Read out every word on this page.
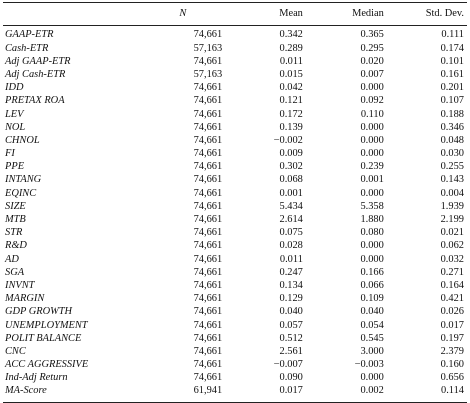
	N	Mean	Median	Std. Dev.
GAAP-ETR	74,661	0.342	0.365	0.111
Cash-ETR	57,163	0.289	0.295	0.174
Adj GAAP-ETR	74,661	0.011	0.020	0.101
Adj Cash-ETR	57,163	0.015	0.007	0.161
IDD	74,661	0.042	0.000	0.201
PRETAX ROA	74,661	0.121	0.092	0.107
LEV	74,661	0.172	0.110	0.188
NOL	74,661	0.139	0.000	0.346
CHNOL	74,661	−0.002	0.000	0.048
FI	74,661	0.009	0.000	0.030
PPE	74,661	0.302	0.239	0.255
INTANG	74,661	0.068	0.001	0.143
EQINC	74,661	0.001	0.000	0.004
SIZE	74,661	5.434	5.358	1.939
MTB	74,661	2.614	1.880	2.199
STR	74,661	0.075	0.080	0.021
R&D	74,661	0.028	0.000	0.062
AD	74,661	0.011	0.000	0.032
SGA	74,661	0.247	0.166	0.271
INVNT	74,661	0.134	0.066	0.164
MARGIN	74,661	0.129	0.109	0.421
GDP GROWTH	74,661	0.040	0.040	0.026
UNEMPLOYMENT	74,661	0.057	0.054	0.017
POLIT BALANCE	74,661	0.512	0.545	0.197
CNC	74,661	2.561	3.000	2.379
ACC AGGRESSIVE	74,661	−0.007	−0.003	0.160
Ind-Adj Return	74,661	0.090	0.000	0.656
MA-Score	61,941	0.017	0.002	0.114
